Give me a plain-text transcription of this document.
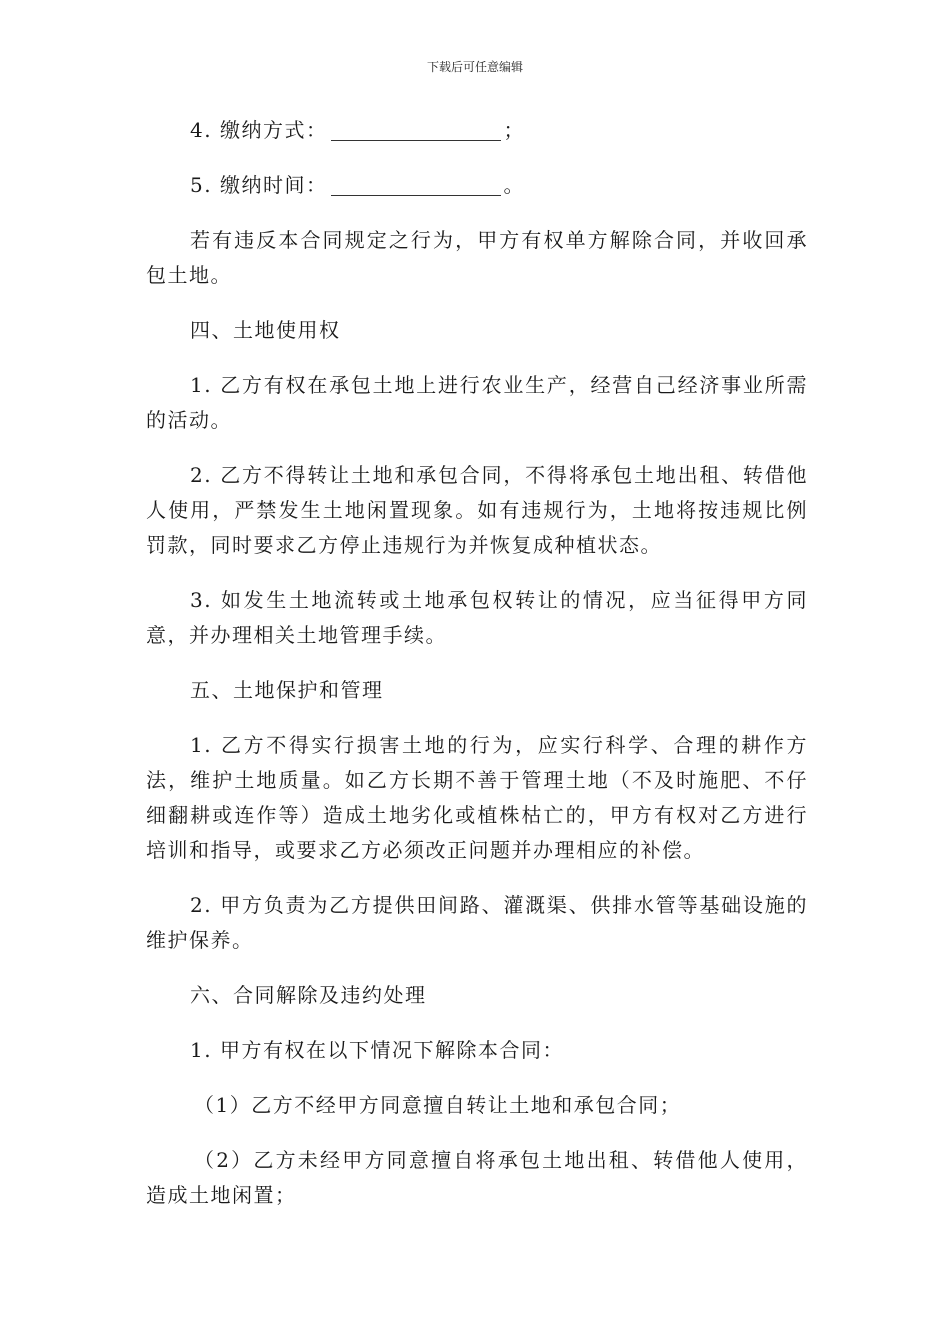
下载后可任意编辑

4. 缴纳方式：	；

5. 缴纳时间：	。

若有违反本合同规定之行为，甲方有权单方解除合同，并收回承包土地。

四、土地使用权

1. 乙方有权在承包土地上进行农业生产，经营自己经济事业所需的活动。

2. 乙方不得转让土地和承包合同，不得将承包土地出租、转借他人使用，严禁发生土地闲置现象。如有违规行为，土地将按违规比例罚款，同时要求乙方停止违规行为并恢复成种植状态。

3. 如发生土地流转或土地承包权转让的情况，应当征得甲方同意，并办理相关土地管理手续。

五、土地保护和管理

1. 乙方不得实行损害土地的行为，应实行科学、合理的耕作方法，维护土地质量。如乙方长期不善于管理土地（不及时施肥、不仔细翻耕或连作等）造成土地劣化或植株枯亡的，甲方有权对乙方进行培训和指导，或要求乙方必须改正问题并办理相应的补偿。

2. 甲方负责为乙方提供田间路、灌溉渠、供排水管等基础设施的维护保养。

六、合同解除及违约处理

1. 甲方有权在以下情况下解除本合同：

（1）乙方不经甲方同意擅自转让土地和承包合同；

（2）乙方未经甲方同意擅自将承包土地出租、转借他人使用，造成土地闲置；
